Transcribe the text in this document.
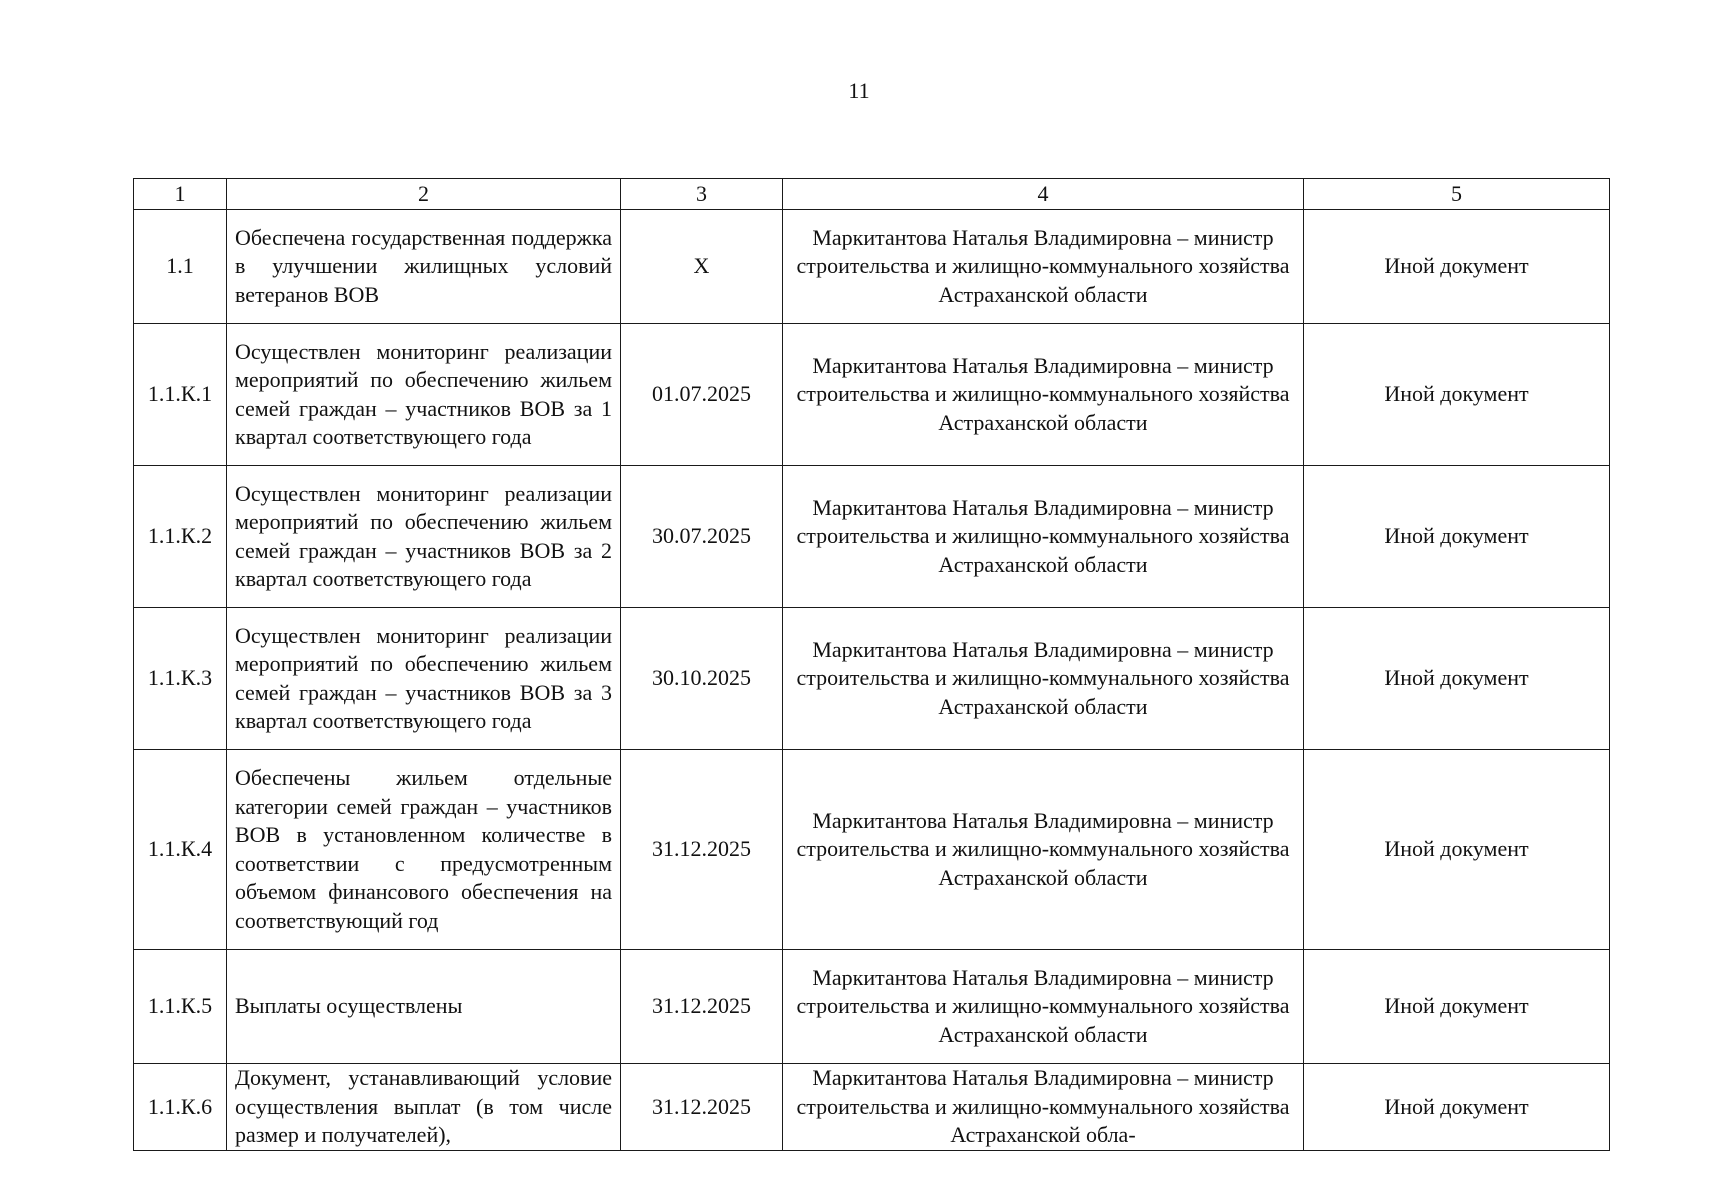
11
1	2	3	4	5
1.1	Обеспечена государственная поддержка в улучшении жилищных условий ветеранов ВОВ	X	Маркитантова Наталья Владимировна – министр строительства и жилищно-коммунального хозяйства Астраханской области	Иной документ
1.1.К.1	Осуществлен мониторинг реализации мероприятий по обеспечению жильем семей граждан – участников ВОВ за 1 квартал соответствующего года	01.07.2025	Маркитантова Наталья Владимировна – министр строительства и жилищно-коммунального хозяйства Астраханской области	Иной документ
1.1.К.2	Осуществлен мониторинг реализации мероприятий по обеспечению жильем семей граждан – участников ВОВ за 2 квартал соответствующего года	30.07.2025	Маркитантова Наталья Владимировна – министр строительства и жилищно-коммунального хозяйства Астраханской области	Иной документ
1.1.К.3	Осуществлен мониторинг реализации мероприятий по обеспечению жильем семей граждан – участников ВОВ за 3 квартал соответствующего года	30.10.2025	Маркитантова Наталья Владимировна – министр строительства и жилищно-коммунального хозяйства Астраханской области	Иной документ
1.1.К.4	Обеспечены жильем отдельные категории семей граждан – участников ВОВ в установленном количестве в соответствии с предусмотренным объемом финансового обеспечения на соответствующий год	31.12.2025	Маркитантова Наталья Владимировна – министр строительства и жилищно-коммунального хозяйства Астраханской области	Иной документ
1.1.К.5	Выплаты осуществлены	31.12.2025	Маркитантова Наталья Владимировна – министр строительства и жилищно-коммунального хозяйства Астраханской области	Иной документ
1.1.К.6	Документ, устанавливающий условие осуществления выплат (в том числе размер и получателей),	31.12.2025	Маркитантова Наталья Владимировна – министр строительства и жилищно-коммунального хозяйства Астраханской обла-	Иной документ
